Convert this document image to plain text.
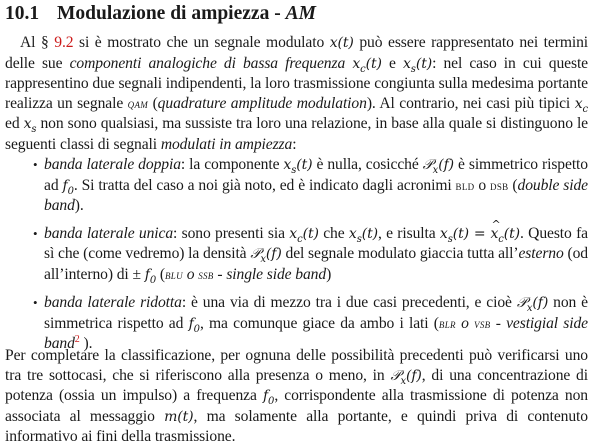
10.1 Modulazione di ampiezza - AM
Al § 9.2 si è mostrato che un segnale modulato x(t) può essere rappresentato nei termini delle sue componenti analogiche di bassa frequenza $x_c(t)$ e $x_s(t)$: nel caso in cui queste rappresentino due segnali indipendenti, la loro trasmissione congiunta sulla medesima portante realizza un segnale qam (quadrature amplitude modulation). Al contrario, nei casi più tipici $x_c$ ed $x_s$ non sono qualsiasi, ma sussiste tra loro una relazione, in base alla quale si distinguono le seguenti classi di segnali modulati in ampiezza:
• banda laterale doppia: la componente $x_s(t)$ è nulla, cosicché 𝒫$_x$(f) è simmetrico rispetto ad $f_0$. Si tratta del caso a noi già noto, ed è indicato dagli acronimi bld o dsb (double side band).
• banda laterale unica: sono presenti sia $x_c(t)$ che $x_s(t)$, e risulta $x_s(t)$ = ^ $x_c(t)$. Questo fa sì che (come vedremo) la densità 𝒫$_x$(f) del segnale modulato giaccia tutta all’esterno (od all’interno) di ± $f_0$ (blu o ssb - single side band)
• banda laterale ridotta: è una via di mezzo tra i due casi precedenti, e cioè 𝒫$_x$(f) non è simmetrica rispetto ad $f_0$, ma comunque giace da ambo i lati (blr o vsb - vestigial side band$^2$ ).
Per completare la classificazione, per ognuna delle possibilità precedenti può verificarsi uno tra tre sottocasi, che si riferiscono alla presenza o meno, in 𝒫$_x$(f), di una concentrazione di potenza (ossia un impulso) a frequenza $f_0$, corrispondente alla trasmissione di potenza non associata al messaggio m(t), ma solamente alla portante, e quindi priva di contenuto informativo ai fini della trasmissione.
